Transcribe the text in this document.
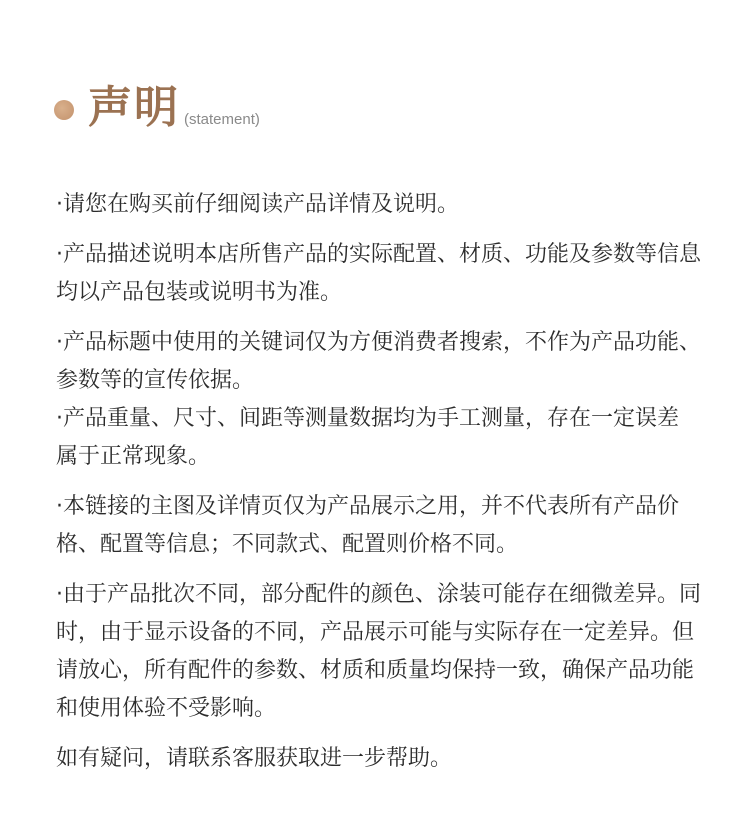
声明 (statement)

·请您在购买前仔细阅读产品详情及说明。

·产品描述说明本店所售产品的实际配置、材质、功能及参数等信息均以产品包装或说明书为准。

·产品标题中使用的关键词仅为方便消费者搜索，不作为产品功能、参数等的宣传依据。

·产品重量、尺寸、间距等测量数据均为手工测量，存在一定误差 属于正常现象。

·本链接的主图及详情页仅为产品展示之用，并不代表所有产品价格、配置等信息；不同款式、配置则价格不同。

·由于产品批次不同，部分配件的颜色、涂装可能存在细微差异。同时，由于显示设备的不同，产品展示可能与实际存在一定差异。但请放心，所有配件的参数、材质和质量均保持一致，确保产品功能和使用体验不受影响。

如有疑问，请联系客服获取进一步帮助。
